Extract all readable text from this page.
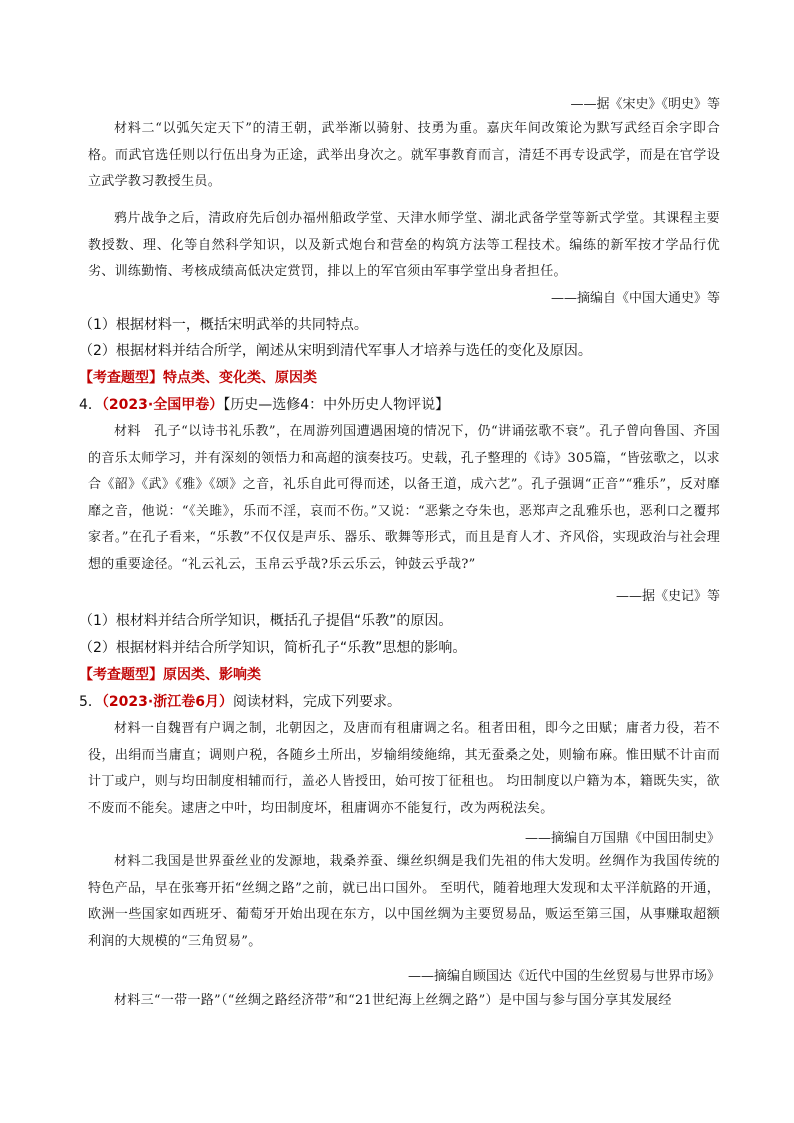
——据《宋史》《明史》等

材料二“以弧矢定天下”的清王朝，武举渐以骑射、技勇为重。嘉庆年间改策论为默写武经百余字即合格。而武官选任则以行伍出身为正途，武举出身次之。就军事教育而言，清廷不再专设武学，而是在官学设立武学教习教授生员。

鸦片战争之后，清政府先后创办福州船政学堂、天津水师学堂、湖北武备学堂等新式学堂。其课程主要教授数、理、化等自然科学知识，以及新式炮台和营垒的构筑方法等工程技术。编练的新军按才学品行优劣、训练勤惰、考核成绩高低决定赏罚，排以上的军官须由军事学堂出身者担任。

——摘编自《中国大通史》等
（1）根据材料一，概括宋明武举的共同特点。
（2）根据材料并结合所学，阐述从宋明到清代军事人才培养与选任的变化及原因。
【考查题型】特点类、变化类、原因类
4．（2023·全国甲卷）【历史—选修4：中外历史人物评说】

材料　孔子“以诗书礼乐教”，在周游列国遭遇困境的情况下，仍“讲诵弦歌不衰”。孔子曾向鲁国、齐国的音乐太师学习，并有深刻的领悟力和高超的演奏技巧。史载，孔子整理的《诗》305篇，“皆弦歌之，以求合《韶》《武》《雅》《颂》之音，礼乐自此可得而述，以备王道，成六艺”。孔子强调“正音”“雅乐”，反对靡靡之音，他说：“《关雎》，乐而不淫，哀而不伤。”又说：“恶紫之夺朱也，恶郑声之乱雅乐也，恶利口之覆邦家者。”在孔子看来，“乐教”不仅仅是声乐、器乐、歌舞等形式，而且是育人才、齐风俗，实现政治与社会理想的重要途径。“礼云礼云，玉帛云乎哉?乐云乐云，钟鼓云乎哉?”

——据《史记》等
（1）根材料并结合所学知识，概括孔子提倡“乐教”的原因。
（2）根据材料并结合所学知识，简析孔子“乐教”思想的影响。
【考查题型】原因类、影响类
5．（2023·浙江卷6月）阅读材料，完成下列要求。

材料一自魏晋有户调之制，北朝因之，及唐而有租庸调之名。租者田租，即今之田赋；庸者力役，若不役，出绢而当庸直；调则户税，各随乡土所出，岁输绢绫絁绵，其无蚕桑之处，则输布麻。惟田赋不计亩而计丁或户，则与均田制度相辅而行，盖必人皆授田，始可按丁征租也。 均田制度以户籍为本，籍既失实，欲不废而不能矣。逮唐之中叶，均田制度坏，租庸调亦不能复行，改为两税法矣。

——摘编自万国鼎《中国田制史》

材料二我国是世界蚕丝业的发源地，栽桑养蚕、缫丝织绸是我们先祖的伟大发明。丝绸作为我国传统的特色产品，早在张骞开拓“丝绸之路”之前，就已出口国外。 至明代，随着地理大发现和太平洋航路的开通，欧洲一些国家如西班牙、葡萄牙开始出现在东方，以中国丝绸为主要贸易品，贩运至第三国，从事赚取超额利润的大规模的“三角贸易”。

——摘编自顾国达《近代中国的生丝贸易与世界市场》

材料三“一带一路”（“丝绸之路经济带”和“21世纪海上丝绸之路”）是中国与参与国分享其发展经
